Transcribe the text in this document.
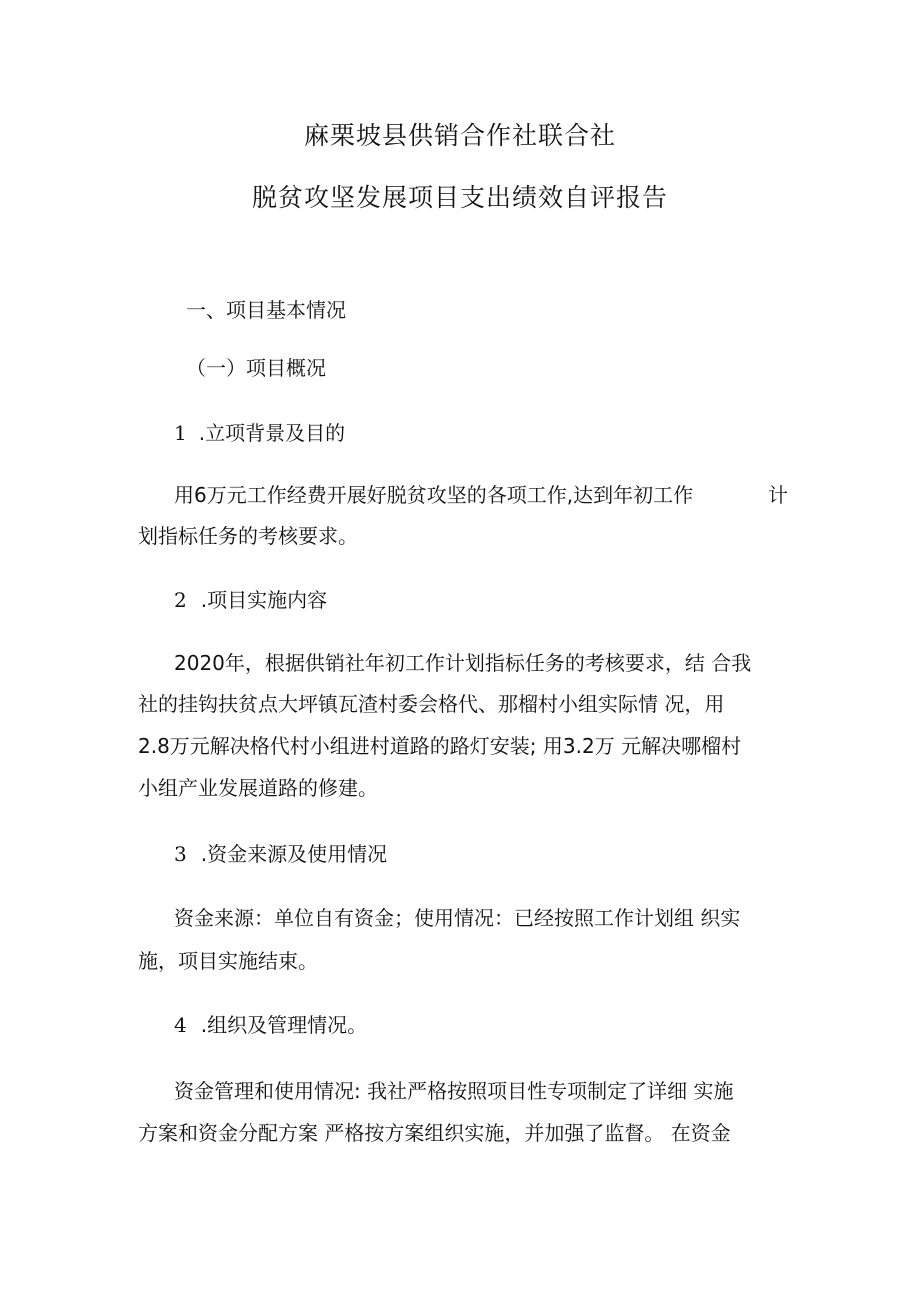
麻栗坡县供销合作社联合社
脱贫攻坚发展项目支出绩效自评报告
一、项目基本情况
（一）项目概况
1 .立项背景及目的
用6万元工作经费开展好脱贫攻坚的各项工作,达到年初工作	计
划指标任务的考核要求。
2 .项目实施内容
2020年，根据供销社年初工作计划指标任务的考核要求，结 合我
社的挂钩扶贫点大坪镇瓦渣村委会格代、那榴村小组实际情 况，用
2.8万元解决格代村小组进村道路的路灯安装; 用3.2万 元解决哪榴村
小组产业发展道路的修建。
3 .资金来源及使用情况
资金来源：单位自有资金；使用情况：已经按照工作计划组 织实
施，项目实施结束。
4 .组织及管理情况。
资金管理和使用情况: 我社严格按照项目性专项制定了详细 实施
方案和资金分配方案 严格按方案组织实施，并加强了监督。 在资金
